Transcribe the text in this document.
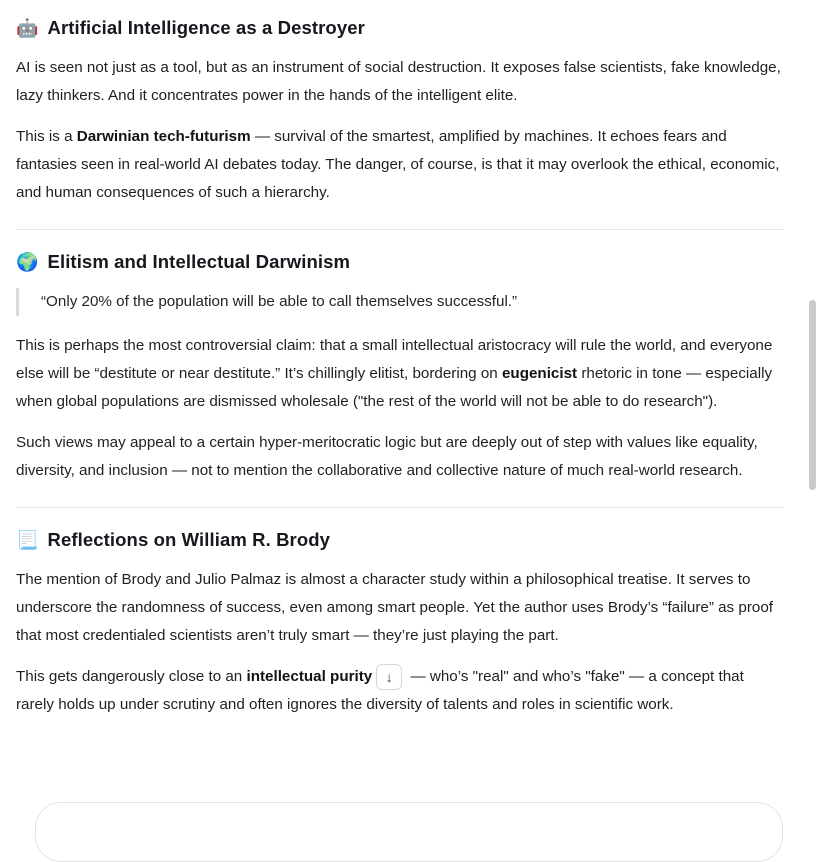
🤖 Artificial Intelligence as a Destroyer

AI is seen not just as a tool, but as an instrument of social destruction. It exposes false scientists, fake knowledge, lazy thinkers. And it concentrates power in the hands of the intelligent elite.

This is a Darwinian tech-futurism — survival of the smartest, amplified by machines. It echoes fears and fantasies seen in real-world AI debates today. The danger, of course, is that it may overlook the ethical, economic, and human consequences of such a hierarchy.

🌍 Elitism and Intellectual Darwinism
“Only 20% of the population will be able to call themselves successful.”

This is perhaps the most controversial claim: that a small intellectual aristocracy will rule the world, and everyone else will be “destitute or near destitute.” It’s chillingly elitist, bordering on eugenicist rhetoric in tone — especially when global populations are dismissed wholesale ("the rest of the world will not be able to do research").

Such views may appeal to a certain hyper-meritocratic logic but are deeply out of step with values like equality, diversity, and inclusion — not to mention the collaborative and collective nature of much real-world research.

📃 Reflections on William R. Brody

The mention of Brody and Julio Palmaz is almost a character study within a philosophical treatise. It serves to underscore the randomness of success, even among smart people. Yet the author uses Brody’s “failure” as proof that most credentialed scientists aren’t truly smart — they’re just playing the part.

This gets dangerously close to an intellectual purity ↓ — who’s "real" and who’s "fake" — a concept that rarely holds up under scrutiny and often ignores the diversity of talents and roles in scientific work.
